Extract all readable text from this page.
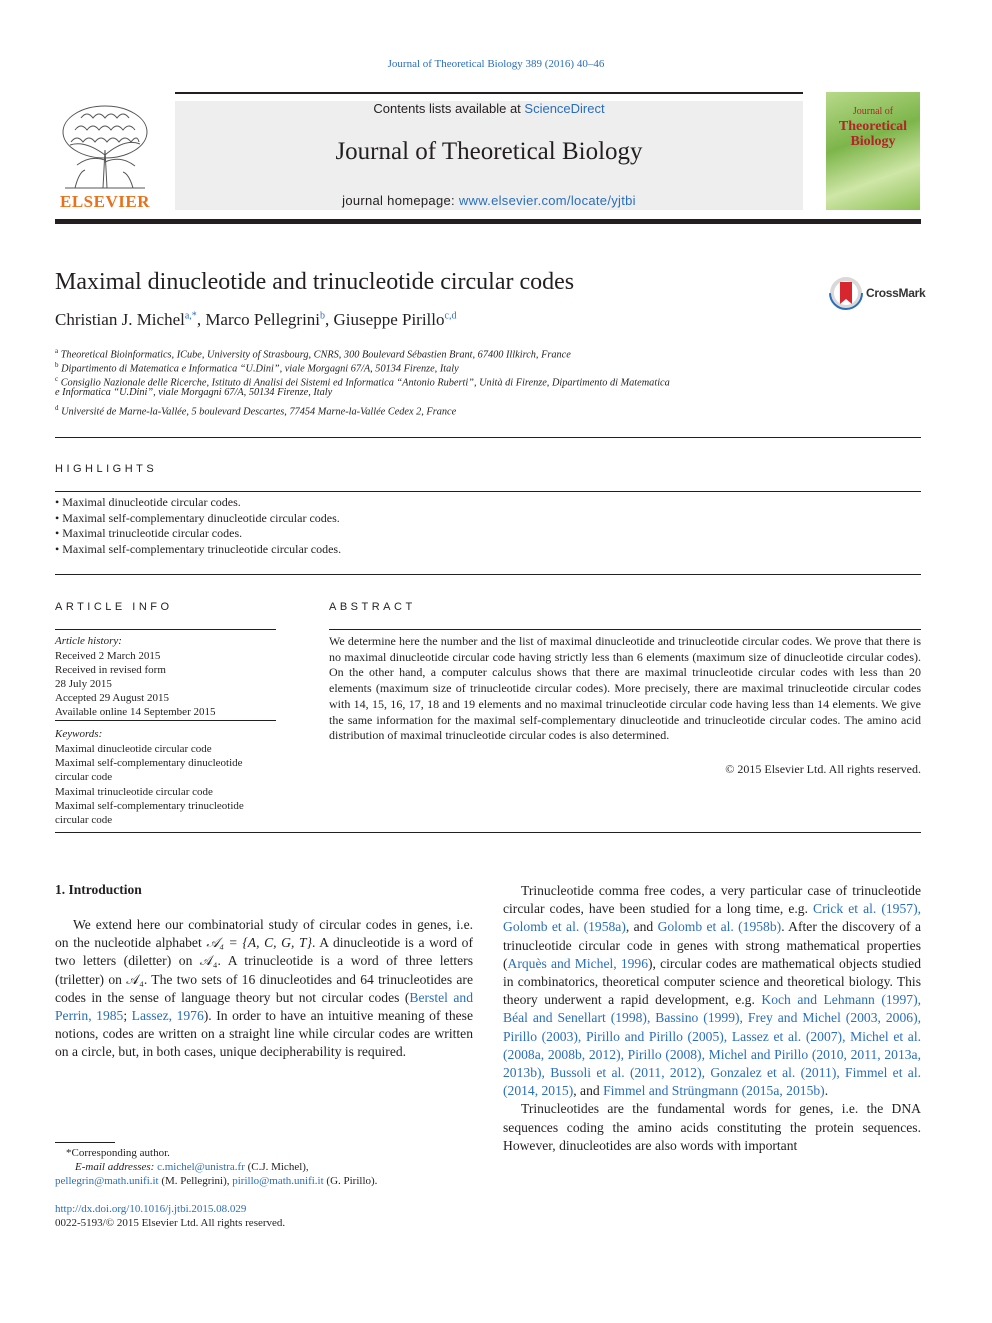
Journal of Theoretical Biology 389 (2016) 40–46
ELSEVIER
Contents lists available at ScienceDirect
Journal of Theoretical Biology
journal homepage: www.elsevier.com/locate/yjtbi
Journal of
Theoretical Biology
Maximal dinucleotide and trinucleotide circular codes	CrossMark
Christian J. Michel$^{a,*}$, Marco Pellegrini$^b$, Giuseppe Pirillo$^{c,d}$
$^a$ Theoretical Bioinformatics, ICube, University of Strasbourg, CNRS, 300 Boulevard Sébastien Brant, 67400 Illkirch, France
$^b$ Dipartimento di Matematica e Informatica “U.Dini”, viale Morgagni 67/A, 50134 Firenze, Italy
$^c$ Consiglio Nazionale delle Ricerche, Istituto di Analisi dei Sistemi ed Informatica “Antonio Ruberti”, Unità di Firenze, Dipartimento di Matematica
e Informatica “U.Dini”, viale Morgagni 67/A, 50134 Firenze, Italy
$^d$ Université de Marne-la-Vallée, 5 boulevard Descartes, 77454 Marne-la-Vallée Cedex 2, France
HIGHLIGHTS
• Maximal dinucleotide circular codes.
• Maximal self-complementary dinucleotide circular codes.
• Maximal trinucleotide circular codes.
• Maximal self-complementary trinucleotide circular codes.
ARTICLE INFO
Article history:
Received 2 March 2015
Received in revised form
28 July 2015
Accepted 29 August 2015
Available online 14 September 2015
Keywords:
Maximal dinucleotide circular code
Maximal self-complementary dinucleotide
circular code
Maximal trinucleotide circular code
Maximal self-complementary trinucleotide
circular code
ABSTRACT
We determine here the number and the list of maximal dinucleotide and trinucleotide circular codes. We prove that there is no maximal dinucleotide circular code having strictly less than 6 elements (maximum size of dinucleotide circular codes). On the other hand, a computer calculus shows that there are maximal trinucleotide circular codes with less than 20 elements (maximum size of trinucleotide circular codes). More precisely, there are maximal trinucleotide circular codes with 14, 15, 16, 17, 18 and 19 elements and no maximal trinucleotide circular code having less than 14 elements. We give the same information for the maximal self-complementary dinucleotide and trinucleotide circular codes. The amino acid distribution of maximal trinucleotide circular codes is also determined.
© 2015 Elsevier Ltd. All rights reserved.
1. Introduction
We extend here our combinatorial study of circular codes in genes, i.e. on the nucleotide alphabet 𝒜₄ = {A, C, G, T}. A dinucleotide is a word of two letters (diletter) on 𝒜₄. A trinucleotide is a word of three letters (triletter) on 𝒜₄. The two sets of 16 dinucleotides and 64 trinucleotides are codes in the sense of language theory but not circular codes (Berstel and Perrin, 1985; Lassez, 1976). In order to have an intuitive meaning of these notions, codes are written on a straight line while circular codes are written on a circle, but, in both cases, unique decipherability is required.

Trinucleotide comma free codes, a very particular case of trinucleotide circular codes, have been studied for a long time, e.g. Crick et al. (1957), Golomb et al. (1958a), and Golomb et al. (1958b). After the discovery of a trinucleotide circular code in genes with strong mathematical properties (Arquès and Michel, 1996), circular codes are mathematical objects studied in combinatorics, theoretical computer science and theoretical biology. This theory underwent a rapid development, e.g. Koch and Lehmann (1997), Béal and Senellart (1998), Bassino (1999), Frey and Michel (2003, 2006), Pirillo (2003), Pirillo and Pirillo (2005), Lassez et al. (2007), Michel et al. (2008a, 2008b, 2012), Pirillo (2008), Michel and Pirillo (2010, 2011, 2013a, 2013b), Bussoli et al. (2011, 2012), Gonzalez et al. (2011), Fimmel et al. (2014, 2015), and Fimmel and Strüngmann (2015a, 2015b).

Trinucleotides are the fundamental words for genes, i.e. the DNA sequences coding the amino acids constituting the protein sequences. However, dinucleotides are also words with important

*Corresponding author.
E-mail addresses: c.michel@unistra.fr (C.J. Michel),
pellegrin@math.unifi.it (M. Pellegrini), pirillo@math.unifi.it (G. Pirillo).
http://dx.doi.org/10.1016/j.jtbi.2015.08.029
0022-5193/© 2015 Elsevier Ltd. All rights reserved.
